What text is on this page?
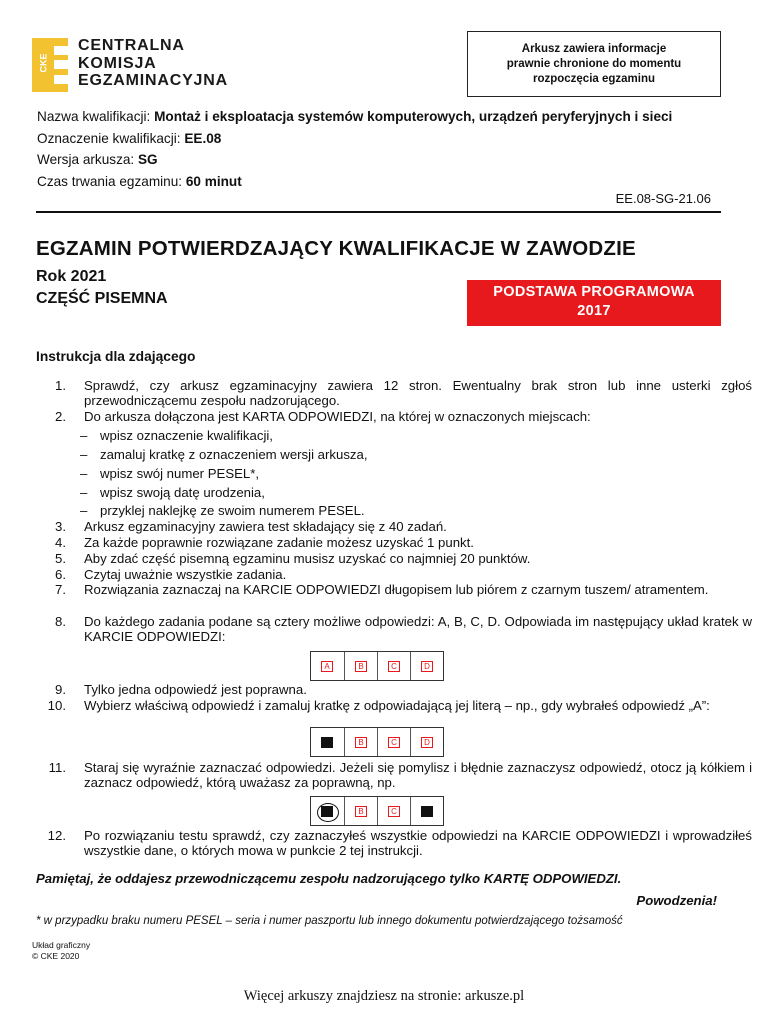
CKE
CENTRALNA
KOMISJA
EGZAMINACYJNA
Arkusz zawiera informacje
prawnie chronione do momentu
rozpoczęcia egzaminu
Nazwa kwalifikacji: Montaż i eksploatacja systemów komputerowych, urządzeń peryferyjnych i sieci
Oznaczenie kwalifikacji: EE.08
Wersja arkusza: SG
Czas trwania egzaminu: 60 minut
EE.08-SG-21.06
EGZAMIN POTWIERDZAJĄCY KWALIFIKACJE W ZAWODZIE
Rok 2021
CZĘŚĆ PISEMNA	PODSTAWA PROGRAMOWA
2017
Instrukcja dla zdającego
1. Sprawdź, czy arkusz egzaminacyjny zawiera 12 stron. Ewentualny brak stron lub inne usterki zgłoś przewodniczącemu zespołu nadzorującego.
2. Do arkusza dołączona jest KARTA ODPOWIEDZI, na której w oznaczonych miejscach:
– wpisz oznaczenie kwalifikacji,
– zamaluj kratkę z oznaczeniem wersji arkusza,
– wpisz swój numer PESEL*,
– wpisz swoją datę urodzenia,
– przyklej naklejkę ze swoim numerem PESEL.
3. Arkusz egzaminacyjny zawiera test składający się z 40 zadań.
4. Za każde poprawnie rozwiązane zadanie możesz uzyskać 1 punkt.
5. Aby zdać część pisemną egzaminu musisz uzyskać co najmniej 20 punktów.
6. Czytaj uważnie wszystkie zadania.
7. Rozwiązania zaznaczaj na KARCIE ODPOWIEDZI długopisem lub piórem z czarnym tuszem/ atramentem.
8. Do każdego zadania podane są cztery możliwe odpowiedzi: A, B, C, D. Odpowiada im następujący układ kratek w KARCIE ODPOWIEDZI:
A	B	C	D
9. Tylko jedna odpowiedź jest poprawna.
10. Wybierz właściwą odpowiedź i zamaluj kratkę z odpowiadającą jej literą – np., gdy wybrałeś odpowiedź „A”:
A	B	C	D
11. Staraj się wyraźnie zaznaczać odpowiedzi. Jeżeli się pomylisz i błędnie zaznaczysz odpowiedź, otocz ją kółkiem i zaznacz odpowiedź, którą uważasz za poprawną, np.
A	B	C	D
12. Po rozwiązaniu testu sprawdź, czy zaznaczyłeś wszystkie odpowiedzi na KARCIE ODPOWIEDZI i wprowadziłeś wszystkie dane, o których mowa w punkcie 2 tej instrukcji.
Pamiętaj, że oddajesz przewodniczącemu zespołu nadzorującego tylko KARTĘ ODPOWIEDZI.
Powodzenia!
* w przypadku braku numeru PESEL – seria i numer paszportu lub innego dokumentu potwierdzającego tożsamość
Układ graficzny
© CKE 2020
Więcej arkuszy znajdziesz na stronie: arkusze.pl
